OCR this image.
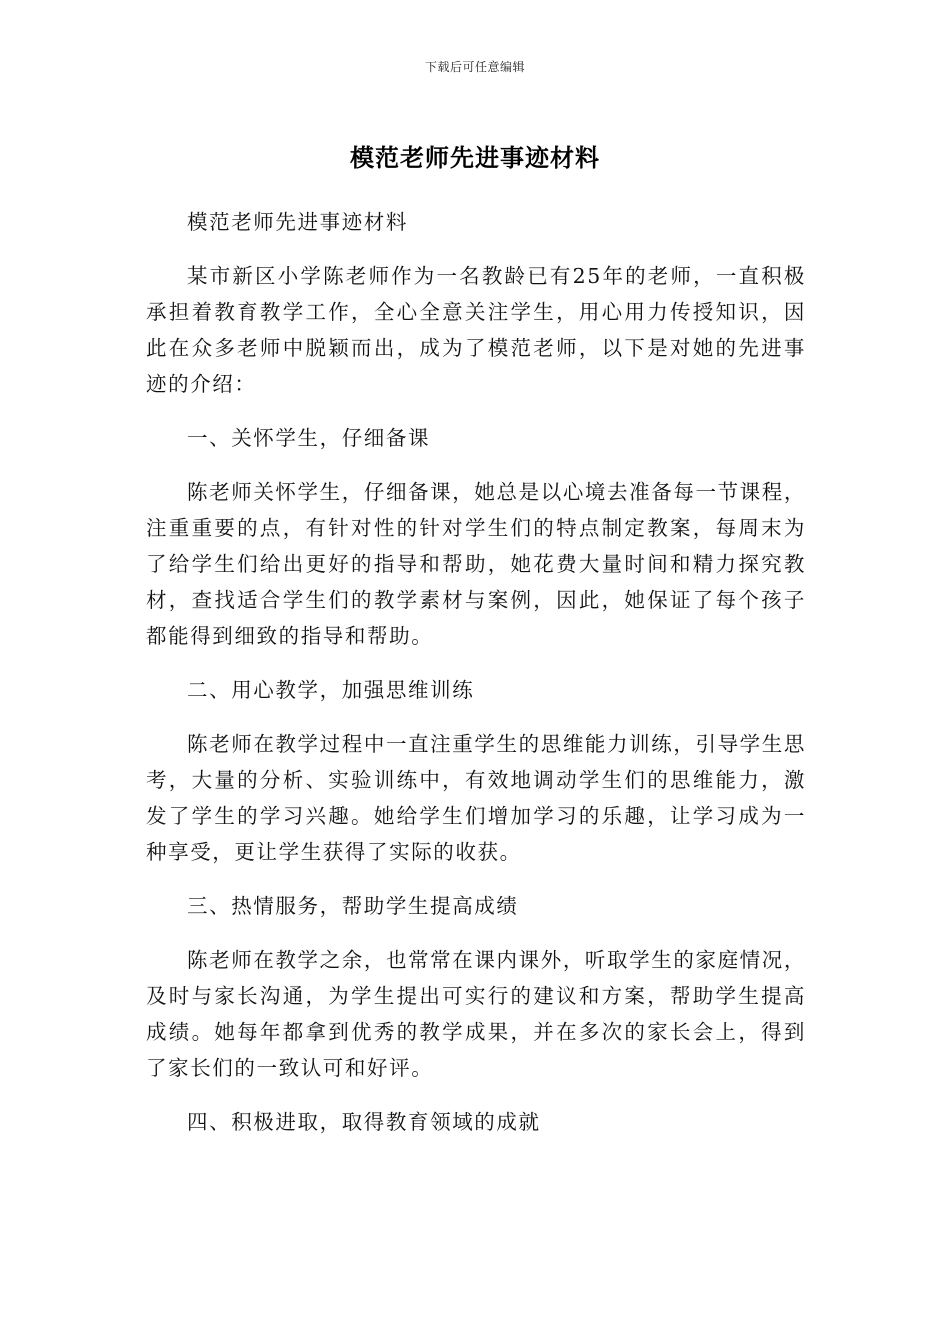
下载后可任意编辑
模范老师先进事迹材料

模范老师先进事迹材料

某市新区小学陈老师作为一名教龄已有25年的老师，一直积极承担着教育教学工作，全心全意关注学生，用心用力传授知识，因此在众多老师中脱颖而出，成为了模范老师，以下是对她的先进事迹的介绍：

一、关怀学生，仔细备课

陈老师关怀学生，仔细备课，她总是以心境去准备每一节课程，注重重要的点，有针对性的针对学生们的特点制定教案，每周末为了给学生们给出更好的指导和帮助，她花费大量时间和精力探究教材，查找适合学生们的教学素材与案例，因此，她保证了每个孩子都能得到细致的指导和帮助。

二、用心教学，加强思维训练

陈老师在教学过程中一直注重学生的思维能力训练，引导学生思考，大量的分析、实验训练中，有效地调动学生们的思维能力，激发了学生的学习兴趣。她给学生们增加学习的乐趣，让学习成为一种享受，更让学生获得了实际的收获。

三、热情服务，帮助学生提高成绩

陈老师在教学之余，也常常在课内课外，听取学生的家庭情况，及时与家长沟通，为学生提出可实行的建议和方案，帮助学生提高成绩。她每年都拿到优秀的教学成果，并在多次的家长会上，得到了家长们的一致认可和好评。

四、积极进取，取得教育领域的成就
